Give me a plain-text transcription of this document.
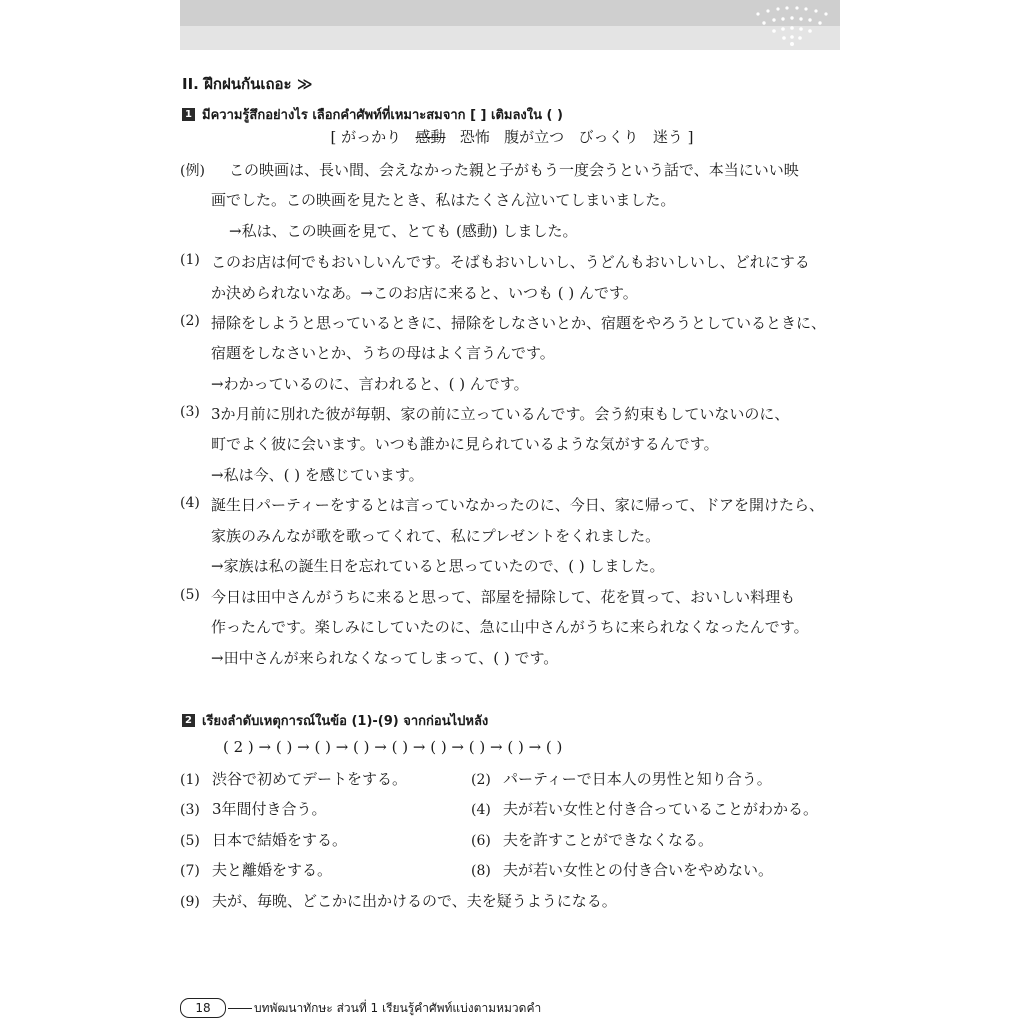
II. ฝึกฝนกันเถอะ ≫
1 มีความรู้สึกอย่างไร เลือกคำศัพท์ที่เหมาะสมจาก [ ] เติมลงใน ( )
[ がっかり 感動 恐怖 腹が立つ びっくり 迷う ]
(例) この映画は、長い間、会えなかった親と子がもう一度会うという話で、本当にいい映
画でした。この映画を見たとき、私はたくさん泣いてしまいました。
→私は、この映画を見て、とても (感動) しました。
(1) このお店は何でもおいしいんです。そばもおいしいし、うどんもおいしいし、どれにする
か決められないなあ。→このお店に来ると、いつも ( ) んです。
(2) 掃除をしようと思っているときに、掃除をしなさいとか、宿題をやろうとしているときに、
宿題をしなさいとか、うちの母はよく言うんです。
→わかっているのに、言われると、( ) んです。
(3) 3か月前に別れた彼が毎朝、家の前に立っているんです。会う約束もしていないのに、
町でよく彼に会います。いつも誰かに見られているような気がするんです。
→私は今、( ) を感じています。
(4) 誕生日パーティーをするとは言っていなかったのに、今日、家に帰って、ドアを開けたら、
家族のみんなが歌を歌ってくれて、私にプレゼントをくれました。
→家族は私の誕生日を忘れていると思っていたので、( ) しました。
(5) 今日は田中さんがうちに来ると思って、部屋を掃除して、花を買って、おいしい料理も
作ったんです。楽しみにしていたのに、急に山中さんがうちに来られなくなったんです。
→田中さんが来られなくなってしまって、( ) です。
2 เรียงลำดับเหตุการณ์ในข้อ (1)-(9) จากก่อนไปหลัง
( 2 ) → ( ) → ( ) → ( ) → ( ) → ( ) → ( ) → ( ) → ( )
(1) 渋谷で初めてデートをする。	(2) パーティーで日本人の男性と知り合う。
(3) 3年間付き合う。	(4) 夫が若い女性と付き合っていることがわかる。
(5) 日本で結婚をする。	(6) 夫を許すことができなくなる。
(7) 夫と離婚をする。	(8) 夫が若い女性との付き合いをやめない。
(9) 夫が、毎晩、どこかに出かけるので、夫を疑うようになる。
18	บทพัฒนาทักษะ ส่วนที่ 1 เรียนรู้คำศัพท์แบ่งตามหมวดคำ
